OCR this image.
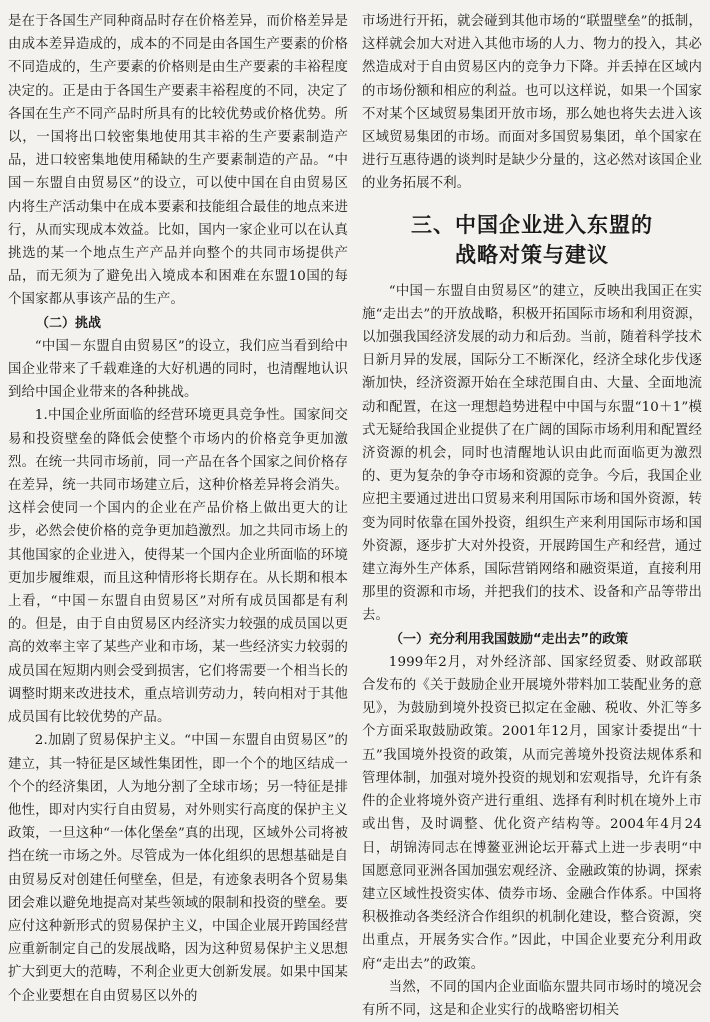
是在于各国生产同种商品时存在价格差异，而价格差异是由成本差异造成的，成本的不同是由各国生产要素的价格不同造成的，生产要素的价格则是由生产要素的丰裕程度决定的。正是由于各国生产要素丰裕程度的不同，决定了各国在生产不同产品时所具有的比较优势或价格优势。所以，一国将出口较密集地使用其丰裕的生产要素制造产品，进口较密集地使用稀缺的生产要素制造的产品。“中国－东盟自由贸易区”的设立，可以使中国在自由贸易区内将生产活动集中在成本要素和技能组合最佳的地点来进行，从而实现成本效益。比如，国内一家企业可以在认真挑选的某一个地点生产产品并向整个的共同市场提供产品，而无须为了避免出入境成本和困难在东盟10国的每个国家都从事该产品的生产。

（二）挑战

“中国－东盟自由贸易区”的设立，我们应当看到给中国企业带来了千载难逢的大好机遇的同时，也清醒地认识到给中国企业带来的各种挑战。

1.中国企业所面临的经营环境更具竞争性。国家间交易和投资壁垒的降低会使整个市场内的价格竞争更加激烈。在统一共同市场前，同一产品在各个国家之间价格存在差异，统一共同市场建立后，这种价格差异将会消失。这样会使同一个国内的企业在产品价格上做出更大的让步，必然会使价格的竞争更加趋激烈。加之共同市场上的其他国家的企业进入，使得某一个国内企业所面临的环境更加步履维艰，而且这种情形将长期存在。从长期和根本上看，“中国－东盟自由贸易区”对所有成员国都是有利的。但是，由于自由贸易区内经济实力较强的成员国以更高的效率主宰了某些产业和市场，某一些经济实力较弱的成员国在短期内则会受到损害，它们将需要一个相当长的调整时期来改进技术，重点培训劳动力，转向相对于其他成员国有比较优势的产品。

2.加剧了贸易保护主义。“中国－东盟自由贸易区”的建立，其一特征是区域性集团性，即一个个的地区结成一个个的经济集团，人为地分割了全球市场；另一特征是排他性，即对内实行自由贸易，对外则实行高度的保护主义政策，一旦这种“一体化堡垒”真的出现，区域外公司将被挡在统一市场之外。尽管成为一体化组织的思想基础是自由贸易反对创建任何壁垒，但是，有迹象表明各个贸易集团会难以避免地提高对某些领域的限制和投资的壁垒。要应付这种新形式的贸易保护主义，中国企业展开跨国经营应重新制定自己的发展战略，因为这种贸易保护主义思想扩大到更大的范畴，不利企业更大创新发展。如果中国某个企业要想在自由贸易区以外的

市场进行开拓，就会碰到其他市场的“联盟壁垒”的抵制，这样就会加大对进入其他市场的人力、物力的投入，其必然造成对于自由贸易区内的竞争力下降。并丢掉在区域内的市场份额和相应的利益。也可以这样说，如果一个国家不对某个区域贸易集团开放市场，那么她也将失去进入该区域贸易集团的市场。而面对多国贸易集团，单个国家在进行互惠待遇的谈判时是缺少分量的，这必然对该国企业的业务拓展不利。

三、中国企业进入东盟的
战略对策与建议

“中国－东盟自由贸易区”的建立，反映出我国正在实施“走出去”的开放战略，积极开拓国际市场和利用资源，以加强我国经济发展的动力和后劲。当前，随着科学技术日新月异的发展，国际分工不断深化，经济全球化步伐逐渐加快，经济资源开始在全球范围自由、大量、全面地流动和配置，在这一理想趋势进程中中国与东盟“10＋1”模式无疑给我国企业提供了在广阔的国际市场利用和配置经济资源的机会，同时也清醒地认识由此而面临更为激烈的、更为复杂的争夺市场和资源的竞争。今后，我国企业应把主要通过进出口贸易来利用国际市场和国外资源，转变为同时依靠在国外投资，组织生产来利用国际市场和国外资源，逐步扩大对外投资，开展跨国生产和经营，通过建立海外生产体系，国际营销网络和融资渠道，直接利用那里的资源和市场，并把我们的技术、设备和产品等带出去。

（一）充分利用我国鼓励“走出去”的政策

1999年2月，对外经济部、国家经贸委、财政部联合发布的《关于鼓励企业开展境外带料加工装配业务的意见》，为鼓励到境外投资已拟定在金融、税收、外汇等多个方面采取鼓励政策。2001年12月，国家计委提出“十五”我国境外投资的政策，从而完善境外投资法规体系和管理体制，加强对境外投资的规划和宏观指导，允许有条件的企业将境外资产进行重组、选择有利时机在境外上市或出售，及时调整、优化资产结构等。2004年4月24日，胡锦涛同志在博鳌亚洲论坛开幕式上进一步表明“中国愿意同亚洲各国加强宏观经济、金融政策的协调，探索建立区域性投资实体、债券市场、金融合作体系。中国将积极推动各类经济合作组织的机制化建设，整合资源，突出重点，开展务实合作。”因此，中国企业要充分利用政府“走出去”的政策。

当然，不同的国内企业面临东盟共同市场时的境况会有所不同，这是和企业实行的战略密切相关
